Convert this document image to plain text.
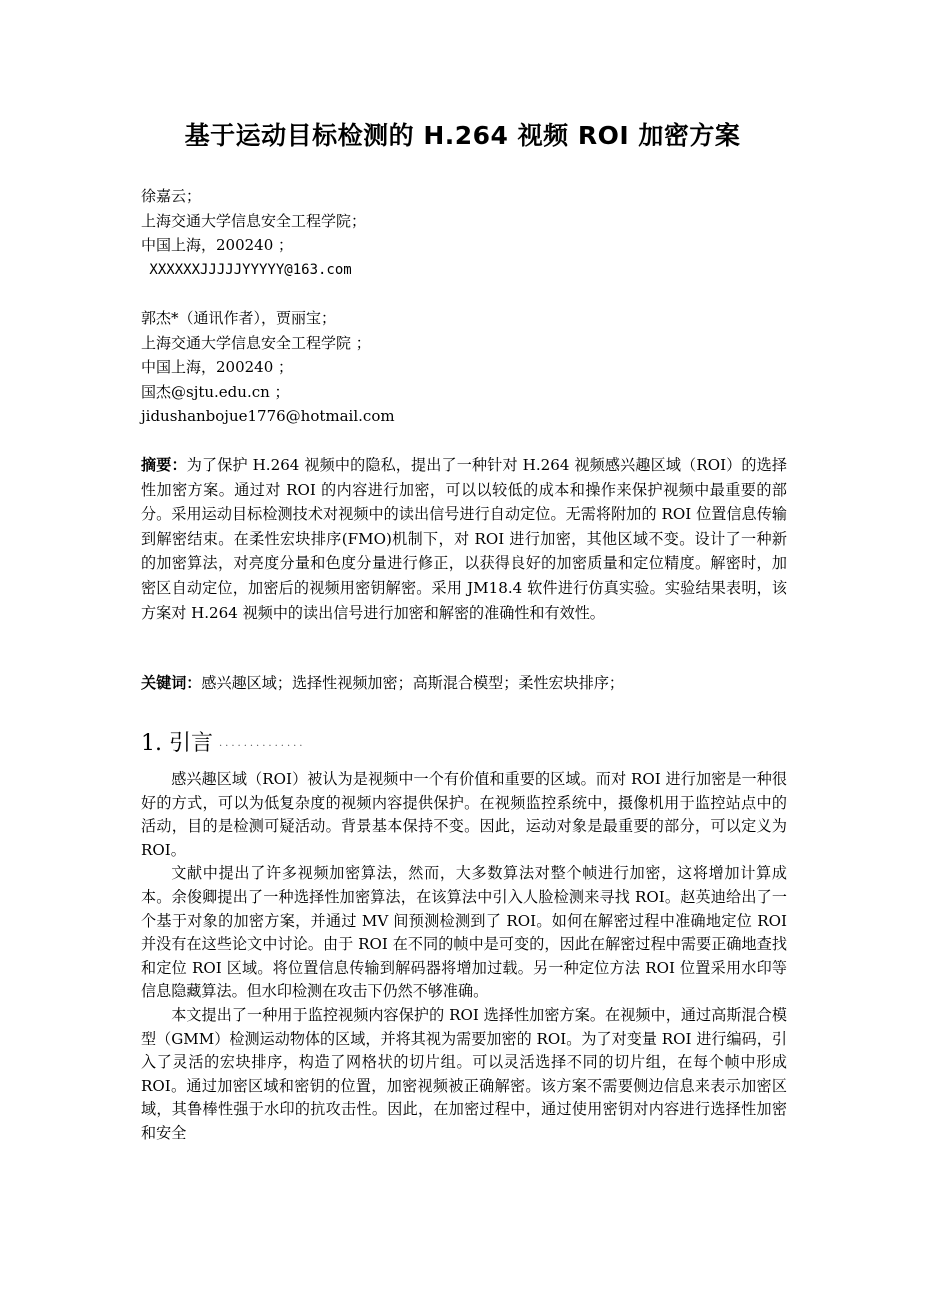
基于运动目标检测的 H.264 视频 ROI 加密方案
徐嘉云；
上海交通大学信息安全工程学院；
中国上海，200240 ；
XXXXXXJJJJJYYYYY@163.com
郭杰*（通讯作者），贾丽宝；
上海交通大学信息安全工程学院 ；
中国上海，200240 ；
国杰@sjtu.edu.cn ；
jidushanbojue1776@hotmail.com
摘要：为了保护 H.264 视频中的隐私，提出了一种针对 H.264 视频感兴趣区域（ROI）的选择性加密方案。通过对 ROI 的内容进行加密，可以以较低的成本和操作来保护视频中最重要的部分。采用运动目标检测技术对视频中的读出信号进行自动定位。无需将附加的 ROI 位置信息传输到解密结束。在柔性宏块排序(FMO)机制下，对 ROI 进行加密，其他区域不变。设计了一种新的加密算法，对亮度分量和色度分量进行修正，以获得良好的加密质量和定位精度。解密时，加密区自动定位，加密后的视频用密钥解密。采用 JM18.4 软件进行仿真实验。实验结果表明，该方案对 H.264 视频中的读出信号进行加密和解密的准确性和有效性。
关键词：感兴趣区域；选择性视频加密；高斯混合模型；柔性宏块排序；
1. 引言 ..............

感兴趣区域（ROI）被认为是视频中一个有价值和重要的区域。而对 ROI 进行加密是一种很好的方式，可以为低复杂度的视频内容提供保护。在视频监控系统中，摄像机用于监控站点中的活动，目的是检测可疑活动。背景基本保持不变。因此，运动对象是最重要的部分，可以定义为 ROI。

文献中提出了许多视频加密算法，然而，大多数算法对整个帧进行加密，这将增加计算成本。余俊卿提出了一种选择性加密算法，在该算法中引入人脸检测来寻找 ROI。赵英迪给出了一个基于对象的加密方案，并通过 MV 间预测检测到了 ROI。如何在解密过程中准确地定位 ROI 并没有在这些论文中讨论。由于 ROI 在不同的帧中是可变的，因此在解密过程中需要正确地查找和定位 ROI 区域。将位置信息传输到解码器将增加过载。另一种定位方法 ROI 位置采用水印等信息隐藏算法。但水印检测在攻击下仍然不够准确。

本文提出了一种用于监控视频内容保护的 ROI 选择性加密方案。在视频中，通过高斯混合模型（GMM）检测运动物体的区域，并将其视为需要加密的 ROI。为了对变量 ROI 进行编码，引入了灵活的宏块排序，构造了网格状的切片组。可以灵活选择不同的切片组，在每个帧中形成 ROI。通过加密区域和密钥的位置，加密视频被正确解密。该方案不需要侧边信息来表示加密区域，其鲁棒性强于水印的抗攻击性。因此，在加密过程中，通过使用密钥对内容进行选择性加密和安全
